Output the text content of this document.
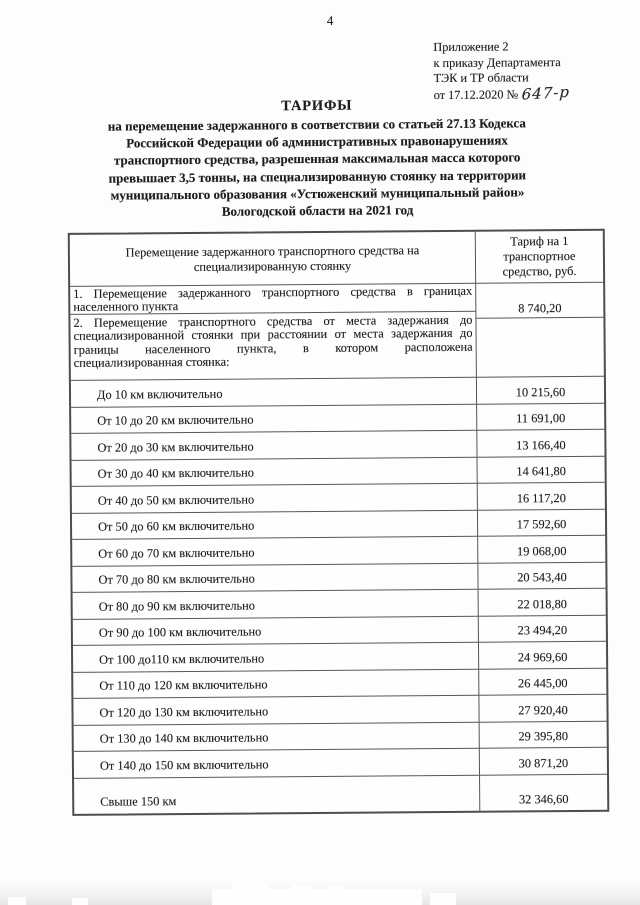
4
Приложение 2
к приказу Департамента
ТЭК и ТР области
от 17.12.2020 № 647-р
ТАРИФЫ
на перемещение задержанного в соответствии со статьей 27.13 Кодекса
Российской Федерации об административных правонарушениях
транспортного средства, разрешенная максимальная масса которого
превышает 3,5 тонны, на специализированную стоянку на территории
муниципального образования «Устюженский муниципальный район»
Вологодской области на 2021 год
Перемещение задержанного транспортного средства на специализированную стоянку
Тариф на 1 транспортное средство, руб.
1. Перемещение задержанного транспортного средства в границах
населенного пункта	8 740,20
2. Перемещение транспортного средства от места задержания до
специализированной стоянки при расстоянии от места задержания до
границы населенного пункта, в котором расположена
специализированная стоянка:
До 10 км включительно	10 215,60
От 10 до 20 км включительно	11 691,00
От 20 до 30 км включительно	13 166,40
От 30 до 40 км включительно	14 641,80
От 40 до 50 км включительно	16 117,20
От 50 до 60 км включительно	17 592,60
От 60 до 70 км включительно	19 068,00
От 70 до 80 км включительно	20 543,40
От 80 до 90 км включительно	22 018,80
От 90 до 100 км включительно	23 494,20
От 100 до110 км включительно	24 969,60
От 110 до 120 км включительно	26 445,00
От 120 до 130 км включительно	27 920,40
От 130 до 140 км включительно	29 395,80
От 140 до 150 км включительно	30 871,20
Свыше 150 км	32 346,60
